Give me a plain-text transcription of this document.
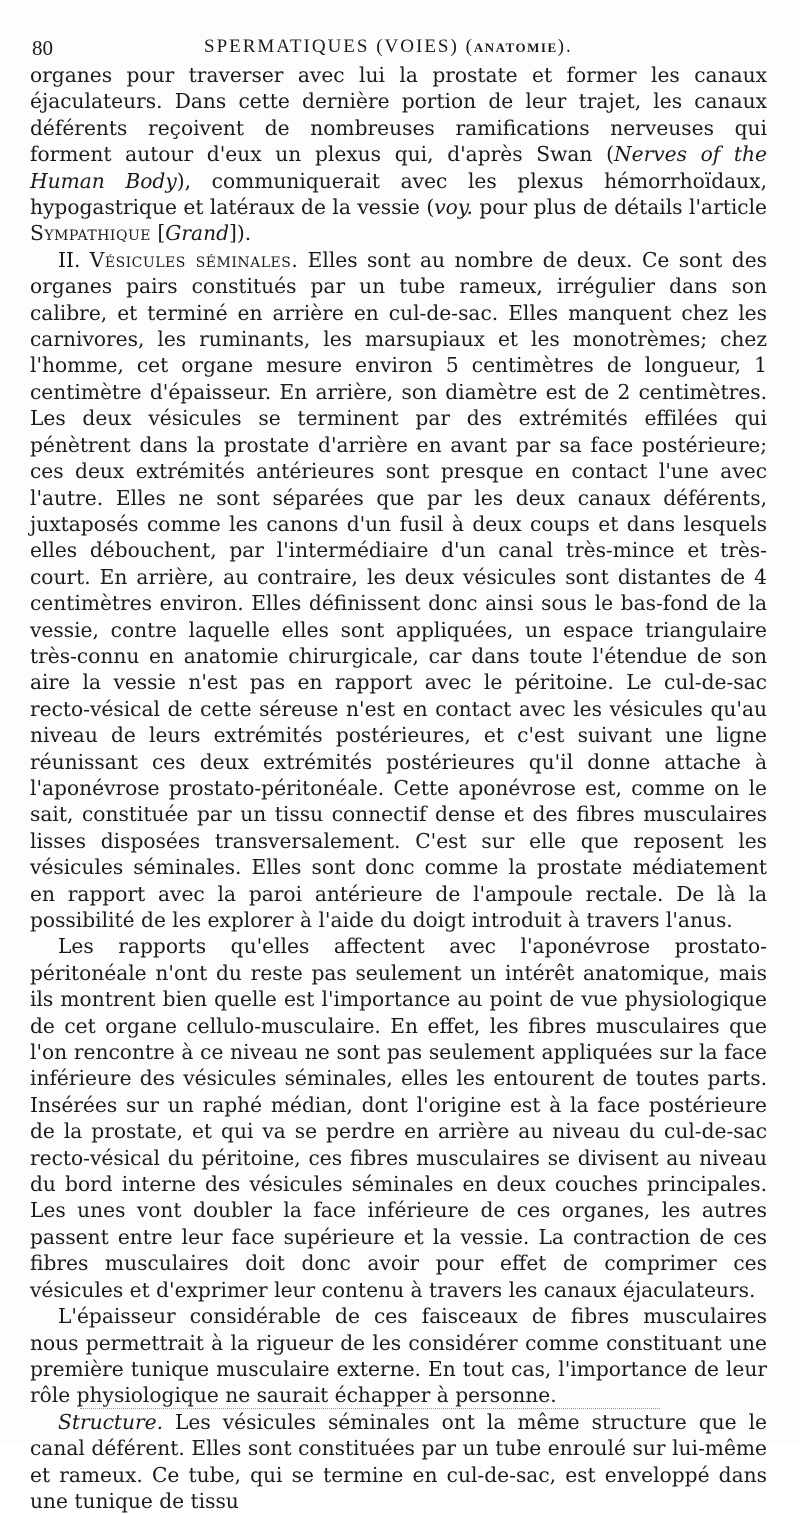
80	SPERMATIQUES (VOIES) (ANATOMIE).

organes pour traverser avec lui la prostate et former les canaux éjaculateurs. Dans cette dernière portion de leur trajet, les canaux déférents reçoivent de nombreuses ramifications nerveuses qui forment autour d'eux un plexus qui, d'après Swan (Nerves of the Human Body), communiquerait avec les plexus hémorrhoïdaux, hypogastrique et latéraux de la vessie (voy. pour plus de détails l'article Sympathique [Grand]).

II. Vésicules séminales. Elles sont au nombre de deux. Ce sont des organes pairs constitués par un tube rameux, irrégulier dans son calibre, et terminé en arrière en cul-de-sac. Elles manquent chez les carnivores, les ruminants, les marsupiaux et les monotrèmes; chez l'homme, cet organe mesure environ 5 centimètres de longueur, 1 centimètre d'épaisseur. En arrière, son diamètre est de 2 centimètres. Les deux vésicules se terminent par des extrémités effilées qui pénètrent dans la prostate d'arrière en avant par sa face postérieure; ces deux extrémités antérieures sont presque en contact l'une avec l'autre. Elles ne sont séparées que par les deux canaux déférents, juxtaposés comme les canons d'un fusil à deux coups et dans lesquels elles débouchent, par l'intermédiaire d'un canal très-mince et très-court. En arrière, au contraire, les deux vésicules sont distantes de 4 centimètres environ. Elles définissent donc ainsi sous le bas-fond de la vessie, contre laquelle elles sont appliquées, un espace triangulaire très-connu en anatomie chirurgicale, car dans toute l'étendue de son aire la vessie n'est pas en rapport avec le péritoine. Le cul-de-sac recto-vésical de cette séreuse n'est en contact avec les vésicules qu'au niveau de leurs extrémités postérieures, et c'est suivant une ligne réunissant ces deux extrémités postérieures qu'il donne attache à l'aponévrose prostato-péritonéale. Cette aponévrose est, comme on le sait, constituée par un tissu connectif dense et des fibres musculaires lisses disposées transversalement. C'est sur elle que reposent les vésicules séminales. Elles sont donc comme la prostate médiatement en rapport avec la paroi antérieure de l'ampoule rectale. De là la possibilité de les explorer à l'aide du doigt introduit à travers l'anus.

Les rapports qu'elles affectent avec l'aponévrose prostato-péritonéale n'ont du reste pas seulement un intérêt anatomique, mais ils montrent bien quelle est l'importance au point de vue physiologique de cet organe cellulo-musculaire. En effet, les fibres musculaires que l'on rencontre à ce niveau ne sont pas seulement appliquées sur la face inférieure des vésicules séminales, elles les entourent de toutes parts. Insérées sur un raphé médian, dont l'origine est à la face postérieure de la prostate, et qui va se perdre en arrière au niveau du cul-de-sac recto-vésical du péritoine, ces fibres musculaires se divisent au niveau du bord interne des vésicules séminales en deux couches principales. Les unes vont doubler la face inférieure de ces organes, les autres passent entre leur face supérieure et la vessie. La contraction de ces fibres musculaires doit donc avoir pour effet de comprimer ces vésicules et d'exprimer leur contenu à travers les canaux éjaculateurs.

L'épaisseur considérable de ces faisceaux de fibres musculaires nous permettrait à la rigueur de les considérer comme constituant une première tunique musculaire externe. En tout cas, l'importance de leur rôle physiologique ne saurait échapper à personne.

Structure. Les vésicules séminales ont la même structure que le canal déférent. Elles sont constituées par un tube enroulé sur lui-même et rameux. Ce tube, qui se termine en cul-de-sac, est enveloppé dans une tunique de tissu
